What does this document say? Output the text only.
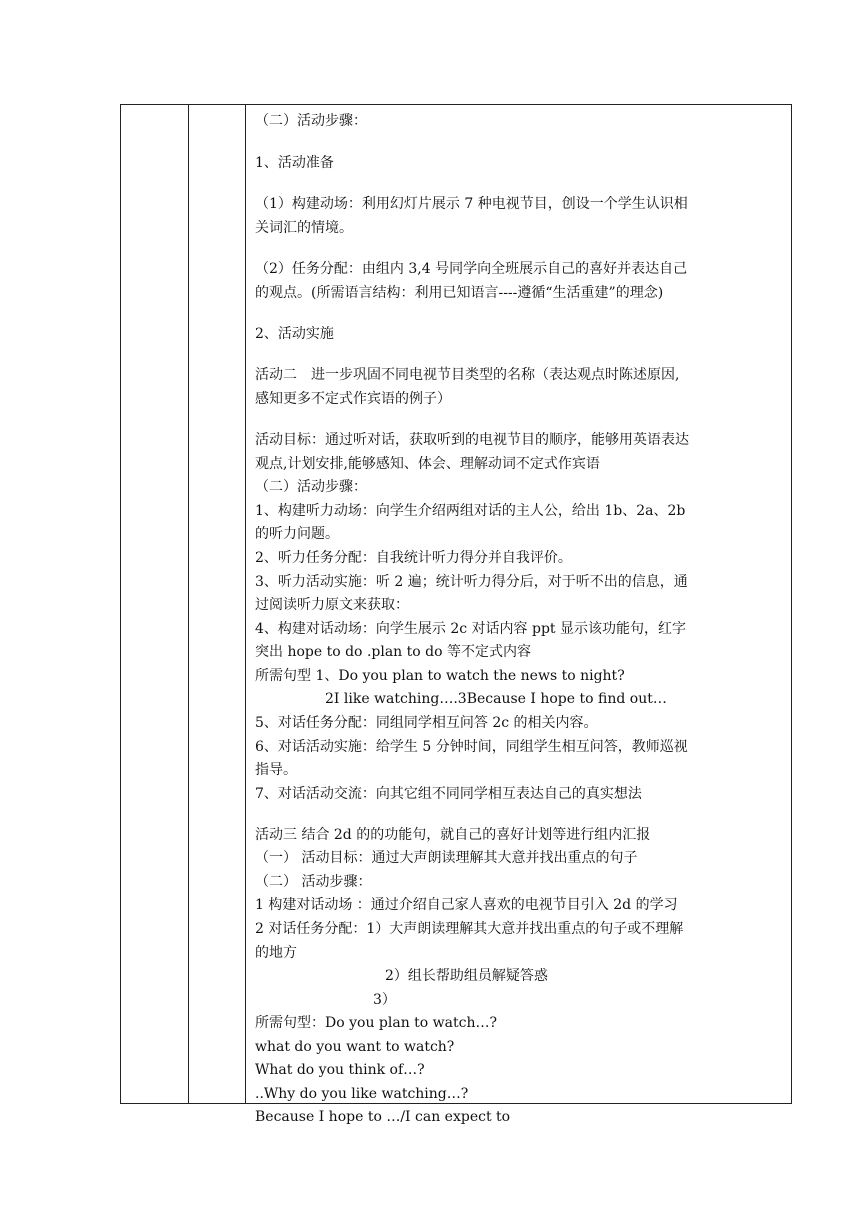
（二）活动步骤：
1、活动准备
（1）构建动场：利用幻灯片展示 7 种电视节目，创设一个学生认识相
关词汇的情境。
（2）任务分配：由组内 3,4 号同学向全班展示自己的喜好并表达自己
的观点。(所需语言结构：利用已知语言----遵循“生活重建”的理念)
2、活动实施
活动二　进一步巩固不同电视节目类型的名称（表达观点时陈述原因,
感知更多不定式作宾语的例子）
活动目标：通过听对话，获取听到的电视节目的顺序，能够用英语表达
观点,计划安排,能够感知、体会、理解动词不定式作宾语
（二）活动步骤：
1、构建听力动场：向学生介绍两组对话的主人公，给出 1b、2a、2b
的听力问题。
2、听力任务分配：自我统计听力得分并自我评价。
3、听力活动实施：听 2 遍；统计听力得分后，对于听不出的信息，通
过阅读听力原文来获取：
4、构建对话动场：向学生展示 2c 对话内容 ppt 显示该功能句，红字
突出 hope to do .plan to do 等不定式内容
所需句型 1、Do you plan to watch the news to night?
2I like watching….3Because I hope to find out…
5、对话任务分配：同组同学相互问答 2c 的相关内容。
6、对话活动实施：给学生 5 分钟时间，同组学生相互问答，教师巡视
指导。
7、对话活动交流：向其它组不同同学相互表达自己的真实想法
活动三 结合 2d 的的功能句，就自己的喜好计划等进行组内汇报
（一） 活动目标：通过大声朗读理解其大意并找出重点的句子
（二） 活动步骤：
1 构建对话动场 ：通过介绍自己家人喜欢的电视节目引入 2d 的学习
2 对话任务分配：1）大声朗读理解其大意并找出重点的句子或不理解
的地方
2）组长帮助组员解疑答惑
3）
所需句型：Do you plan to watch…?
what do you want to watch?
What do you think of…?
..Why do you like watching…?
Because I hope to …/I can expect to
